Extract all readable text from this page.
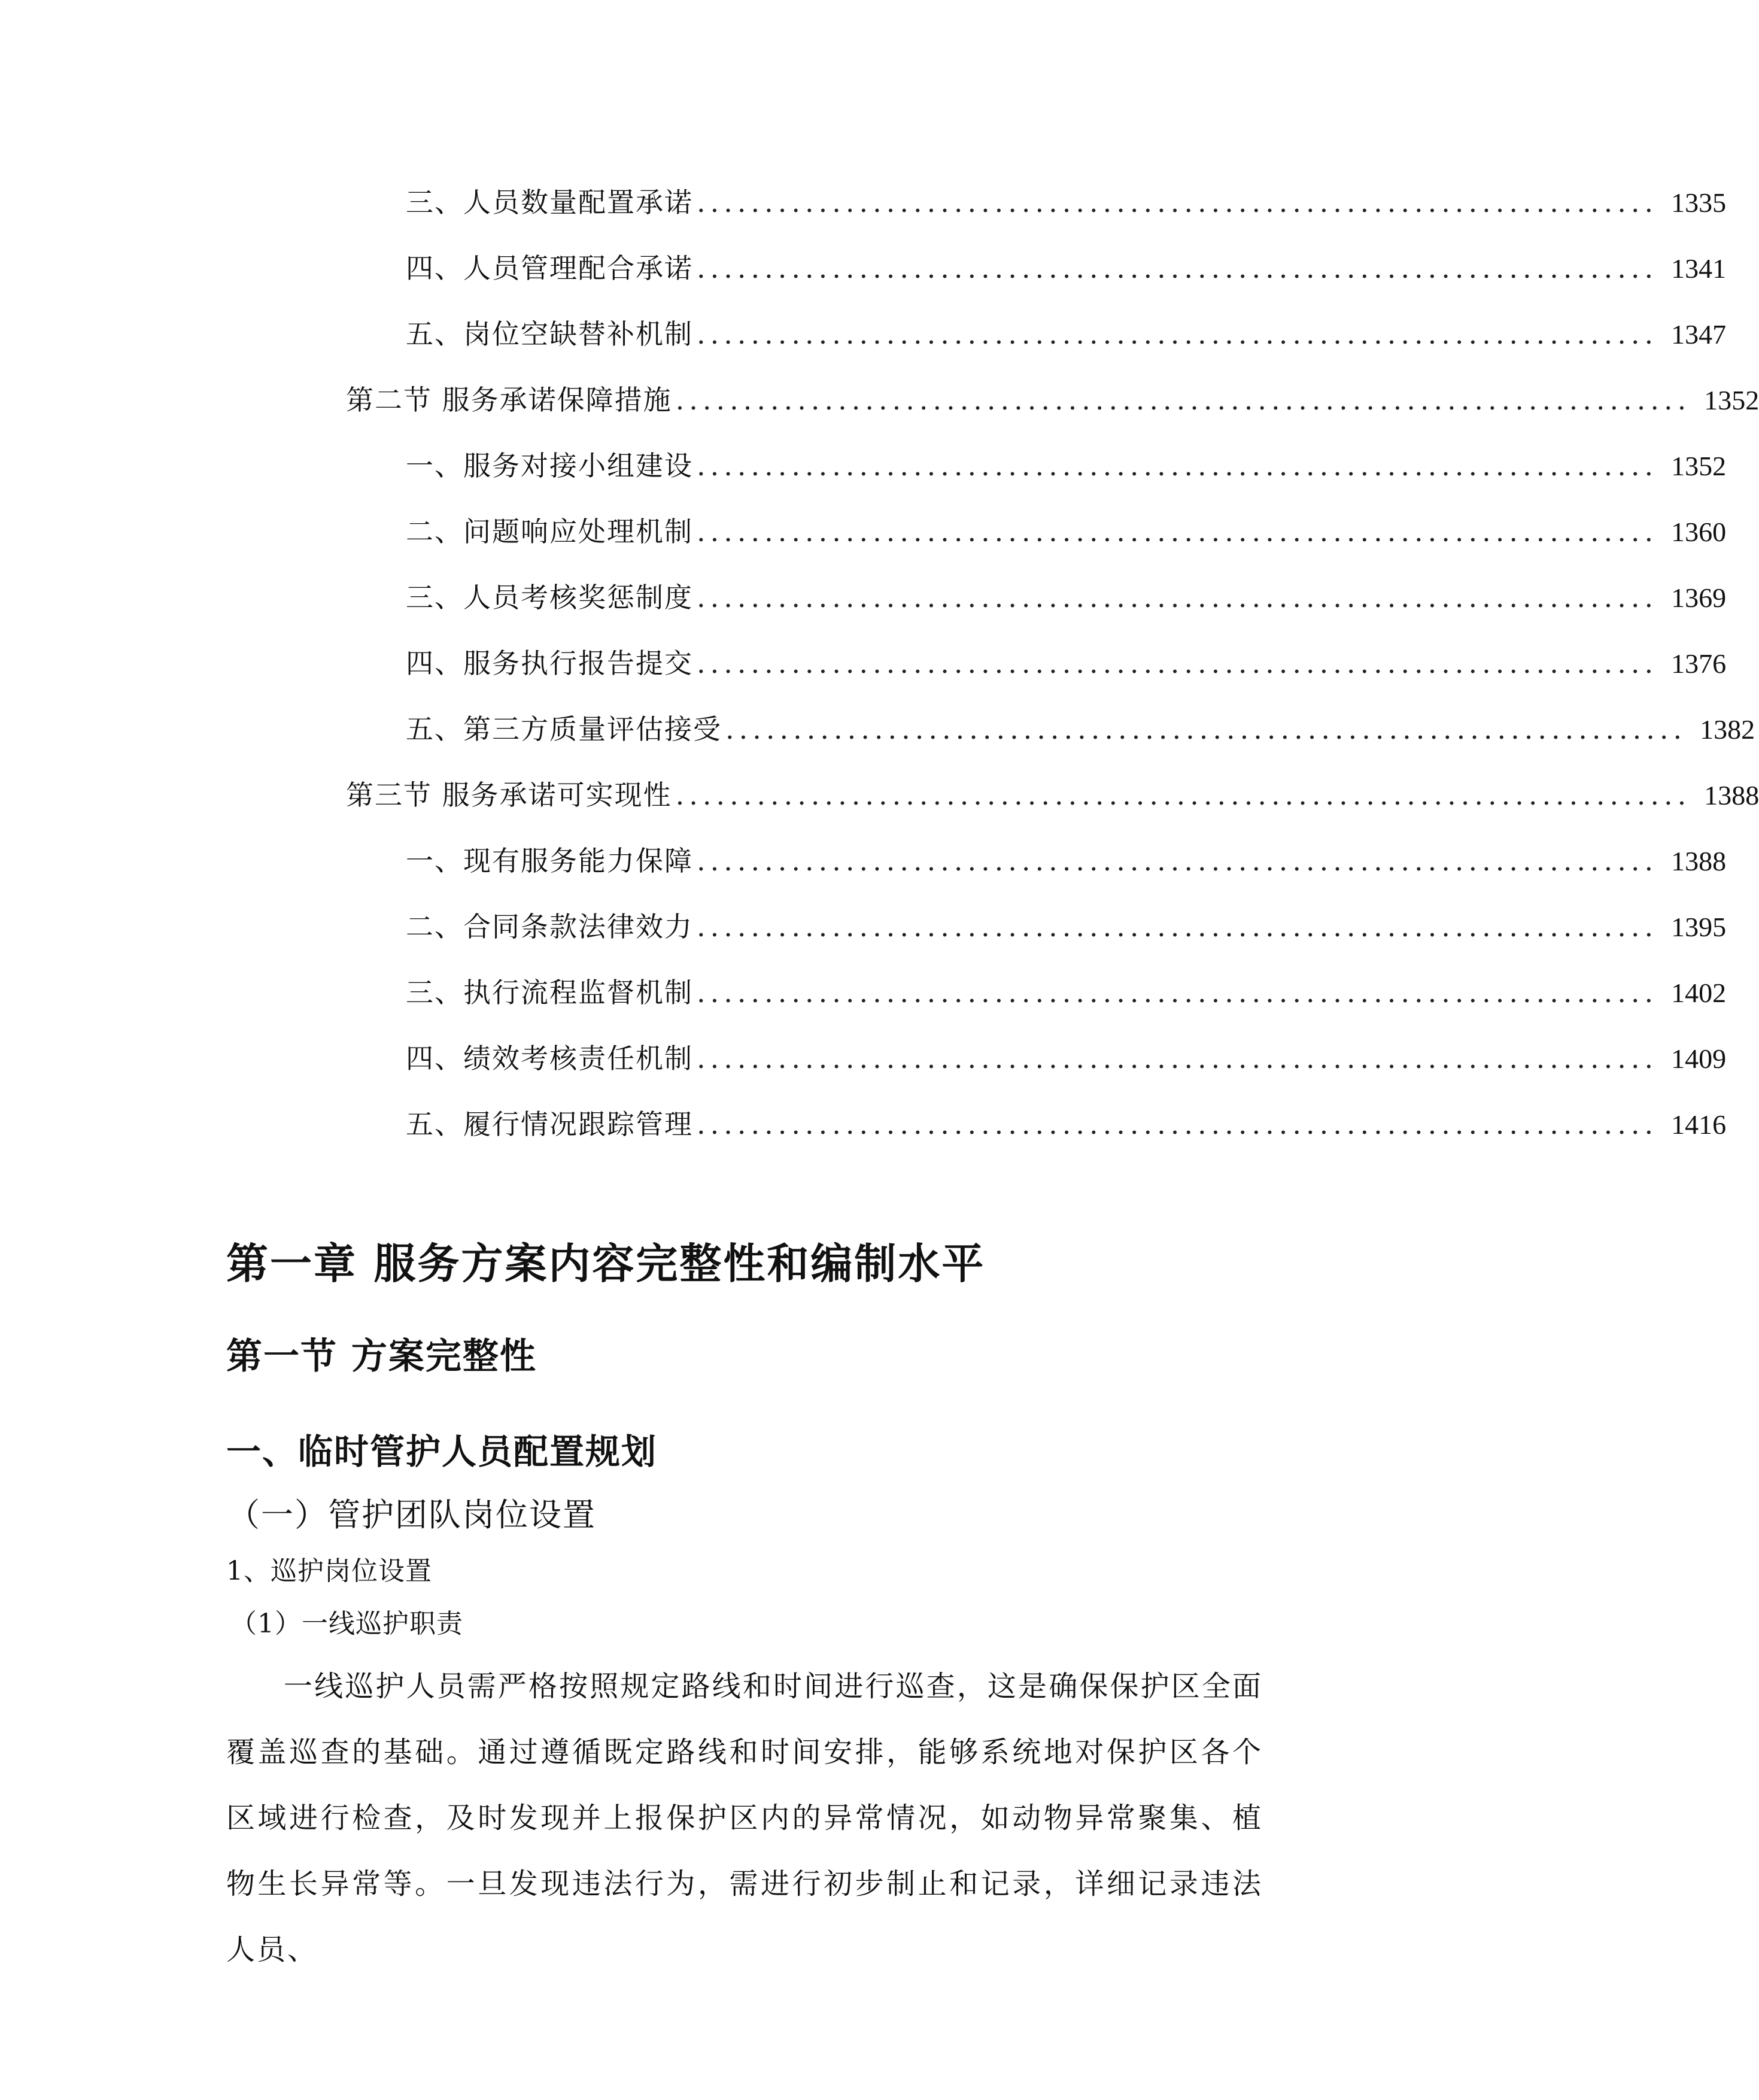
三、 人员数量配置承诺 ....................................................................... 1335
四、 人员管理配合承诺 ....................................................................... 1341
五、 岗位空缺替补机制 ....................................................................... 1347
第二节 服务承诺保障措施 ........................................................................... 1352
一、 服务对接小组建设 ....................................................................... 1352
二、 问题响应处理机制 ....................................................................... 1360
三、 人员考核奖惩制度 ....................................................................... 1369
四、 服务执行报告提交 ....................................................................... 1376
五、 第三方质量评估接受 ....................................................................... 1382
第三节 服务承诺可实现性 ........................................................................... 1388
一、 现有服务能力保障 ....................................................................... 1388
二、 合同条款法律效力 ....................................................................... 1395
三、 执行流程监督机制 ....................................................................... 1402
四、 绩效考核责任机制 ....................................................................... 1409
五、 履行情况跟踪管理 ....................................................................... 1416
第一章 服务方案内容完整性和编制水平
第一节 方案完整性
一、临时管护人员配置规划
（一）管护团队岗位设置
1、巡护岗位设置
（1）一线巡护职责

一线巡护人员需严格按照规定路线和时间进行巡查，这是确保保护区全面覆盖巡查的基础。通过遵循既定路线和时间安排，能够系统地对保护区各个区域进行检查，及时发现并上报保护区内的异常情况，如动物异常聚集、植物生长异常等。一旦发现违法行为，需进行初步制止和记录，详细记录违法人员、
